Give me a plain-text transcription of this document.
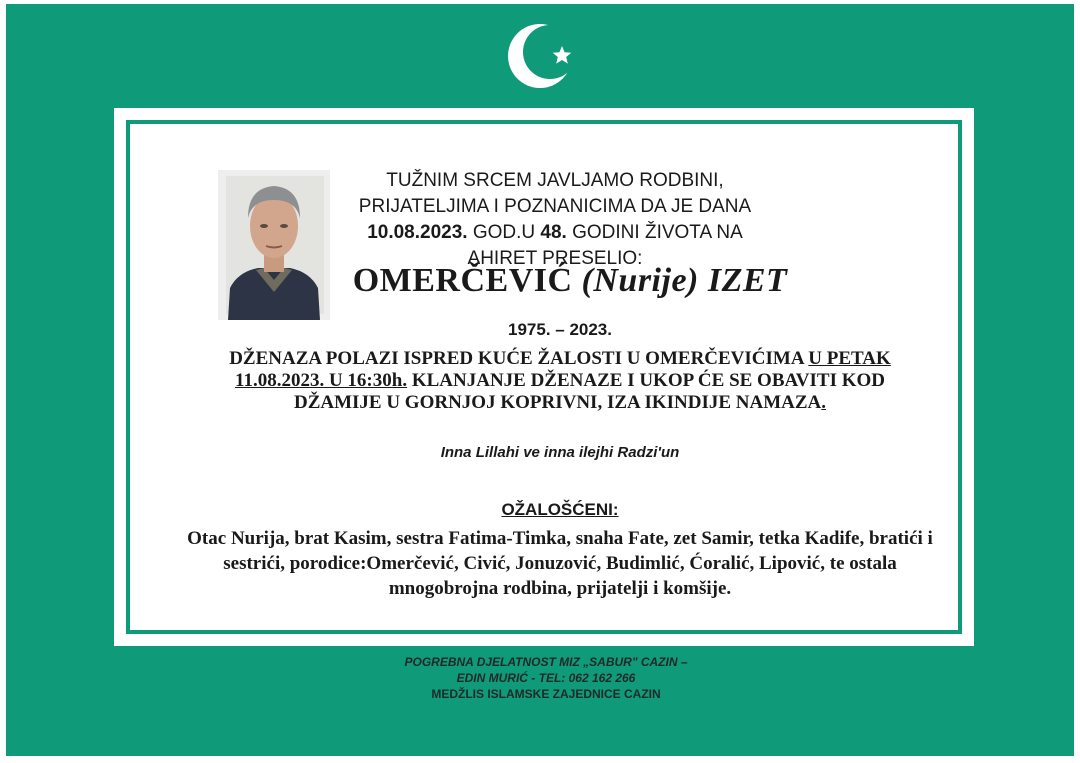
TUŽNIM SRCEM JAVLJAMO RODBINI, PRIJATELJIMA I POZNANICIMA DA JE DANA 10.08.2023. GOD.U 48. GODINI ŽIVOTA NA AHIRET PRESELIO:
OMERČEVIĆ (Nurije) IZET
1975. – 2023.
DŽENAZA POLAZI ISPRED KUĆE ŽALOSTI U OMERČEVIĆIMA U PETAK 11.08.2023. U 16:30h. KLANJANJE DŽENAZE I UKOP ĆE SE OBAVITI KOD DŽAMIJE U GORNJOJ KOPRIVNI, IZA IKINDIJE NAMAZA.
Inna Lillahi ve inna ilejhi Radzi'un
OŽALOŠĆENI:
Otac Nurija, brat Kasim, sestra Fatima-Timka, snaha Fate, zet Samir, tetka Kadife, bratići i sestrići, porodice:Omerčević, Civić, Jonuzović, Budimlić, Ćoralić, Lipović, te ostala mnogobrojna rodbina, prijatelji i komšije.
POGREBNA DJELATNOST MIZ „SABUR" CAZIN –
EDIN MURIĆ - TEL: 062 162 266
MEDŽLIS ISLAMSKE ZAJEDNICE CAZIN
